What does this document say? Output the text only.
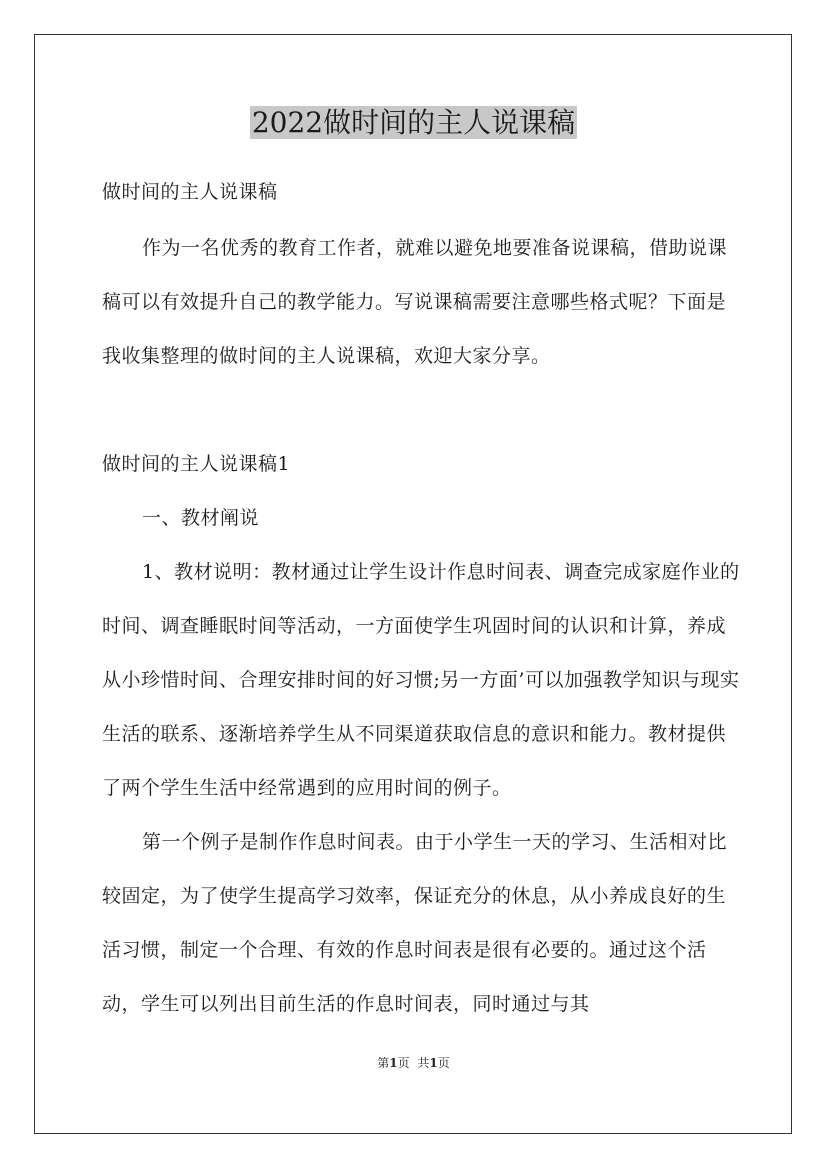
2022做时间的主人说课稿

做时间的主人说课稿

作为一名优秀的教育工作者，就难以避免地要准备说课稿，借助说课稿可以有效提升自己的教学能力。写说课稿需要注意哪些格式呢？下面是我收集整理的做时间的主人说课稿，欢迎大家分享。

做时间的主人说课稿1

一、教材阐说

1、教材说明：教材通过让学生设计作息时间表、调查完成家庭作业的时间、调查睡眠时间等活动，一方面使学生巩固时间的认识和计算，养成从小珍惜时间、合理安排时间的好习惯;另一方面’可以加强教学知识与现实生活的联系、逐渐培养学生从不同渠道获取信息的意识和能力。教材提供了两个学生生活中经常遇到的应用时间的例子。

第一个例子是制作作息时间表。由于小学生一天的学习、生活相对比较固定，为了使学生提高学习效率，保证充分的休息，从小养成良好的生活习惯，制定一个合理、有效的作息时间表是很有必要的。通过这个活动，学生可以列出目前生活的作息时间表，同时通过与其

第1页 共1页
